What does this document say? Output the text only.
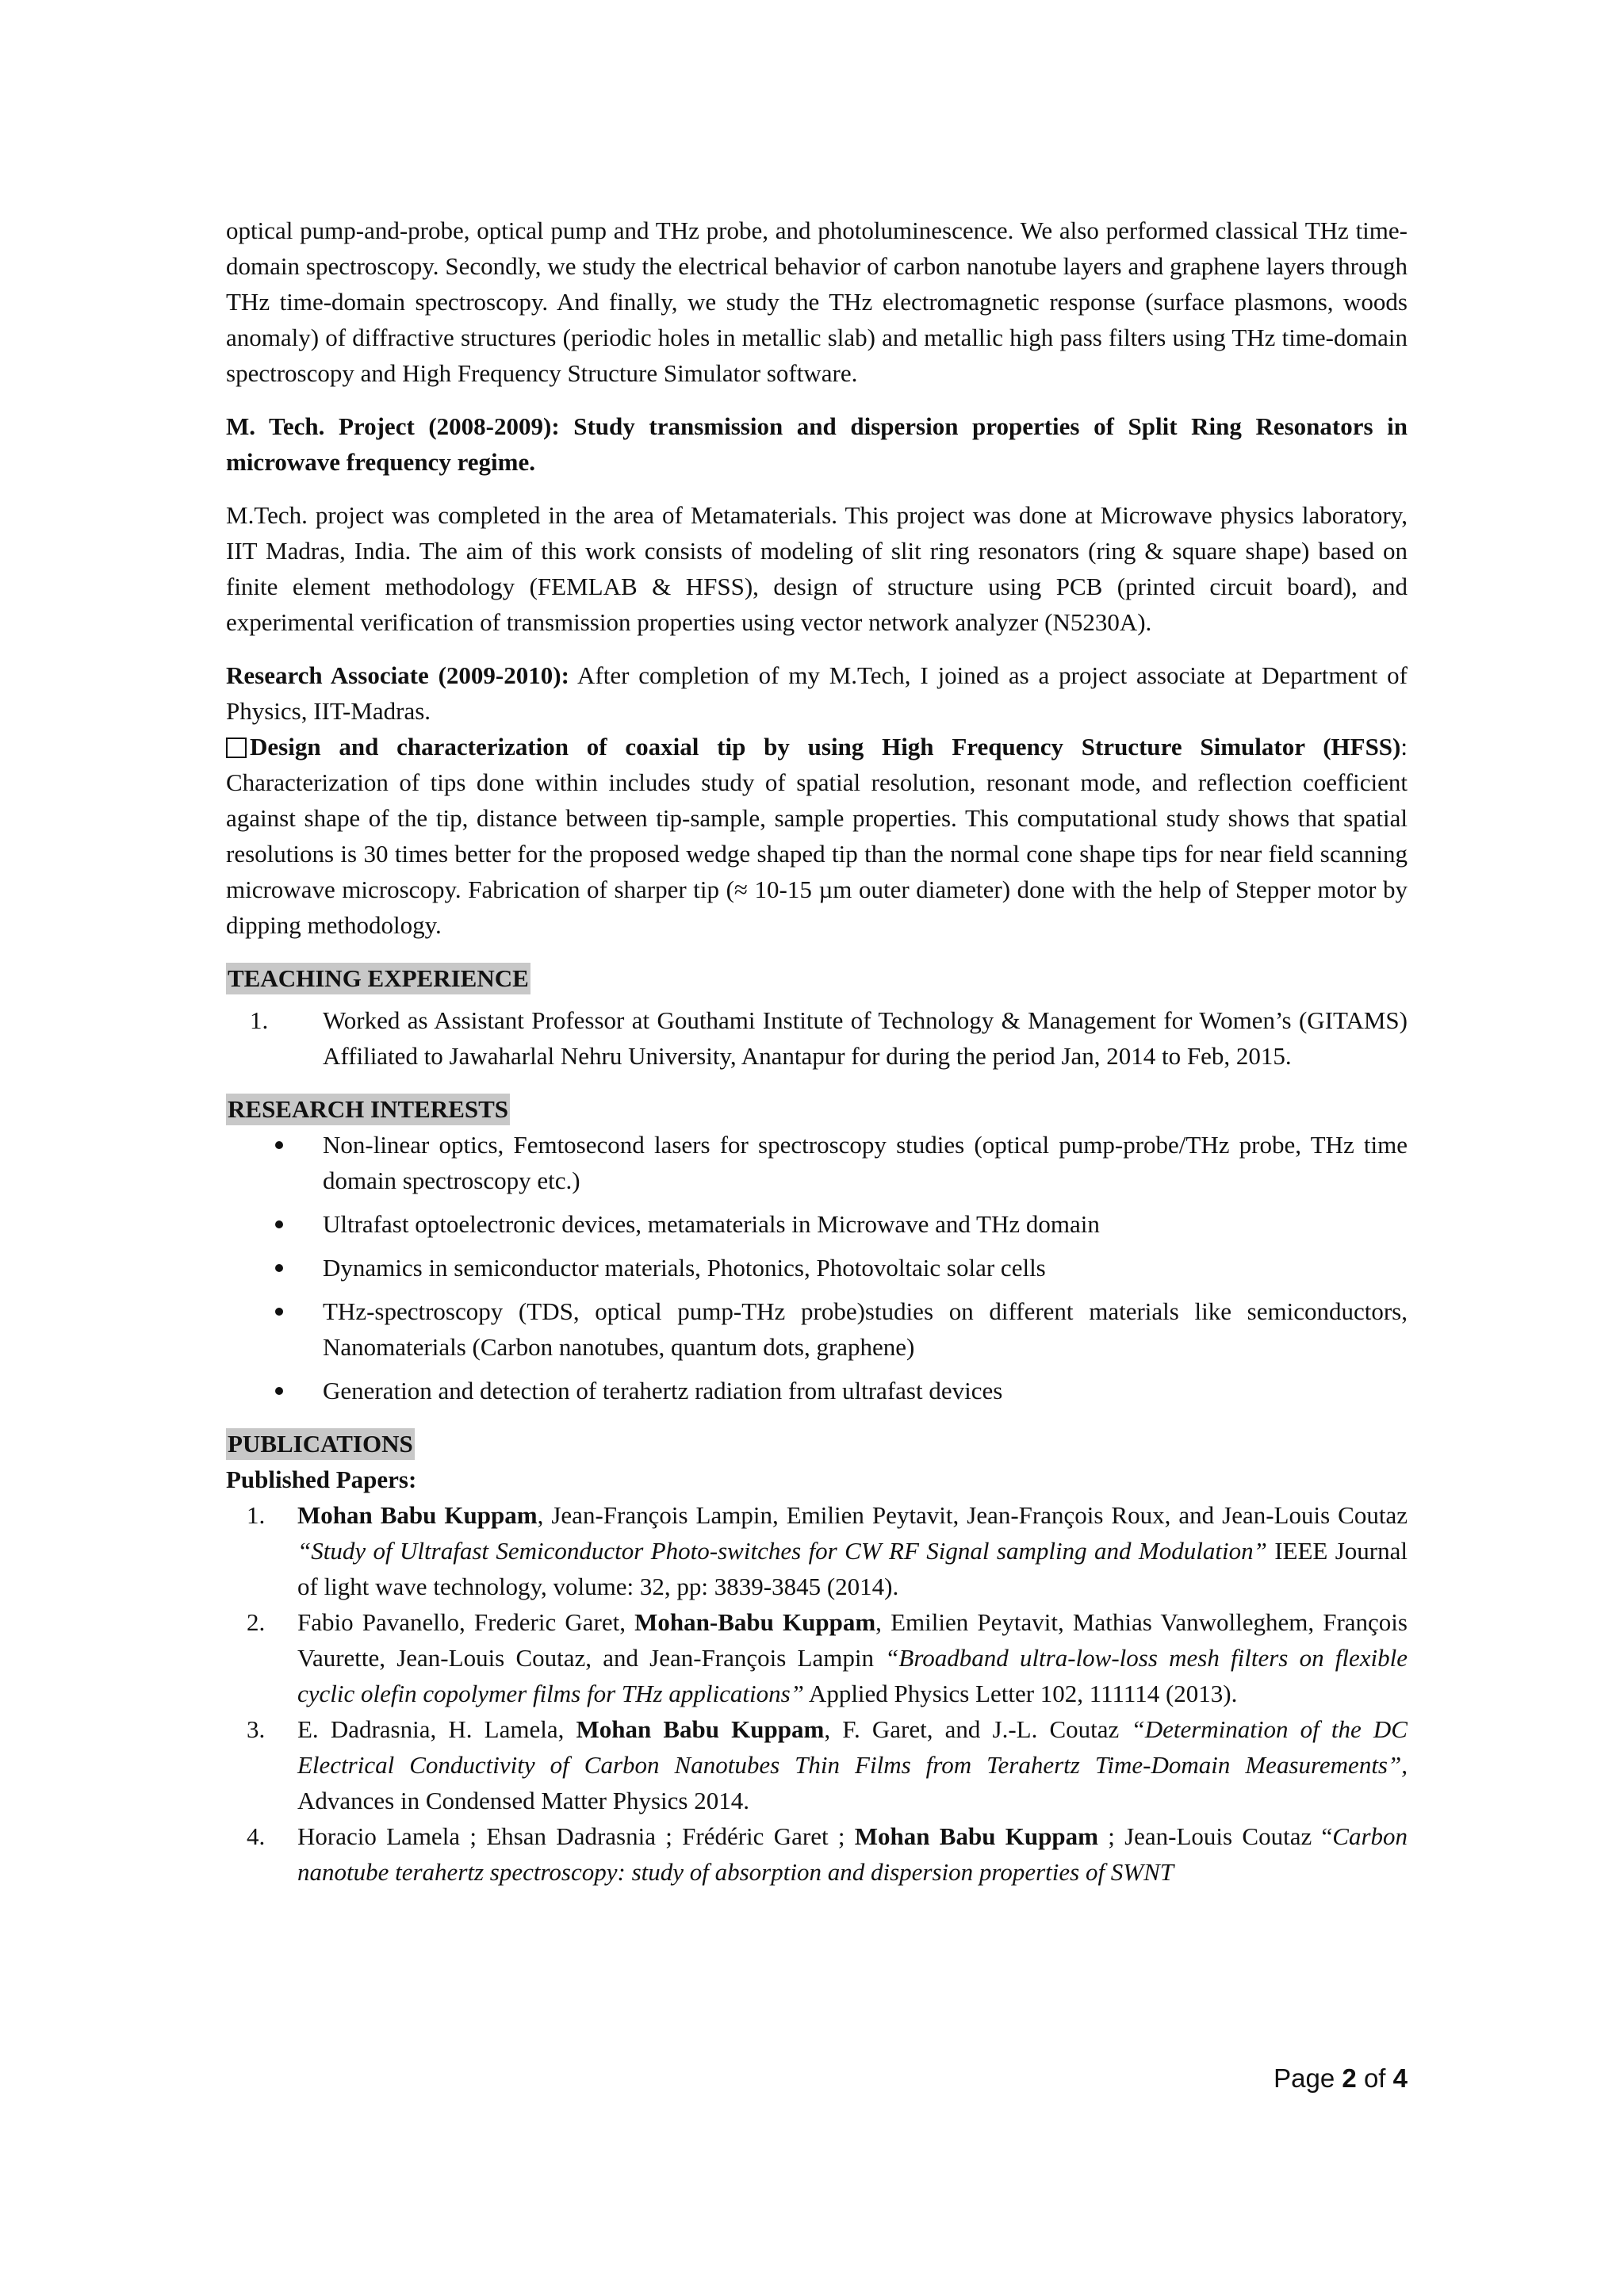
optical pump-and-probe, optical pump and THz probe, and photoluminescence. We also performed classical THz time-domain spectroscopy. Secondly, we study the electrical behavior of carbon nanotube layers and graphene layers through THz time-domain spectroscopy. And finally, we study the THz electromagnetic response (surface plasmons, woods anomaly) of diffractive structures (periodic holes in metallic slab) and metallic high pass filters using THz time-domain spectroscopy and High Frequency Structure Simulator software.

M. Tech. Project (2008-2009): Study transmission and dispersion properties of Split Ring Resonators in microwave frequency regime.

M.Tech. project was completed in the area of Metamaterials. This project was done at Microwave physics laboratory, IIT Madras, India. The aim of this work consists of modeling of slit ring resonators (ring & square shape) based on finite element methodology (FEMLAB & HFSS), design of structure using PCB (printed circuit board), and experimental verification of transmission properties using vector network analyzer (N5230A).

Research Associate (2009-2010): After completion of my M.Tech, I joined as a project associate at Department of Physics, IIT-Madras.

Design and characterization of coaxial tip by using High Frequency Structure Simulator (HFSS): Characterization of tips done within includes study of spatial resolution, resonant mode, and reflection coefficient against shape of the tip, distance between tip-sample, sample properties. This computational study shows that spatial resolutions is 30 times better for the proposed wedge shaped tip than the normal cone shape tips for near field scanning microwave microscopy. Fabrication of sharper tip (≈ 10-15 µm outer diameter) done with the help of Stepper motor by dipping methodology.

TEACHING EXPERIENCE
1.	Worked as Assistant Professor at Gouthami Institute of Technology & Management for Women’s (GITAMS) Affiliated to Jawaharlal Nehru University, Anantapur for during the period Jan, 2014 to Feb, 2015.
RESEARCH INTERESTS
Non-linear optics, Femtosecond lasers for spectroscopy studies (optical pump-probe/THz probe, THz time domain spectroscopy etc.)
Ultrafast optoelectronic devices, metamaterials in Microwave and THz domain
Dynamics in semiconductor materials, Photonics, Photovoltaic solar cells
THz-spectroscopy (TDS, optical pump-THz probe)studies on different materials like semiconductors, Nanomaterials (Carbon nanotubes, quantum dots, graphene)
Generation and detection of terahertz radiation from ultrafast devices
PUBLICATIONS

Published Papers:

1.	Mohan Babu Kuppam, Jean-François Lampin, Emilien Peytavit, Jean-François Roux, and Jean-Louis Coutaz “Study of Ultrafast Semiconductor Photo-switches for CW RF Signal sampling and Modulation” IEEE Journal of light wave technology, volume: 32, pp: 3839-3845 (2014).
2.	Fabio Pavanello, Frederic Garet, Mohan-Babu Kuppam, Emilien Peytavit, Mathias Vanwolleghem, François Vaurette, Jean-Louis Coutaz, and Jean-François Lampin “Broadband ultra-low-loss mesh filters on flexible cyclic olefin copolymer films for THz applications” Applied Physics Letter 102, 111114 (2013).
3.	E. Dadrasnia, H. Lamela, Mohan Babu Kuppam, F. Garet, and J.-L. Coutaz “Determination of the DC Electrical Conductivity of Carbon Nanotubes Thin Films from Terahertz Time-Domain Measurements”, Advances in Condensed Matter Physics 2014.
4.	Horacio Lamela ; Ehsan Dadrasnia ; Frédéric Garet ; Mohan Babu Kuppam ; Jean-Louis Coutaz “Carbon nanotube terahertz spectroscopy: study of absorption and dispersion properties of SWNT
Page 2 of 4
